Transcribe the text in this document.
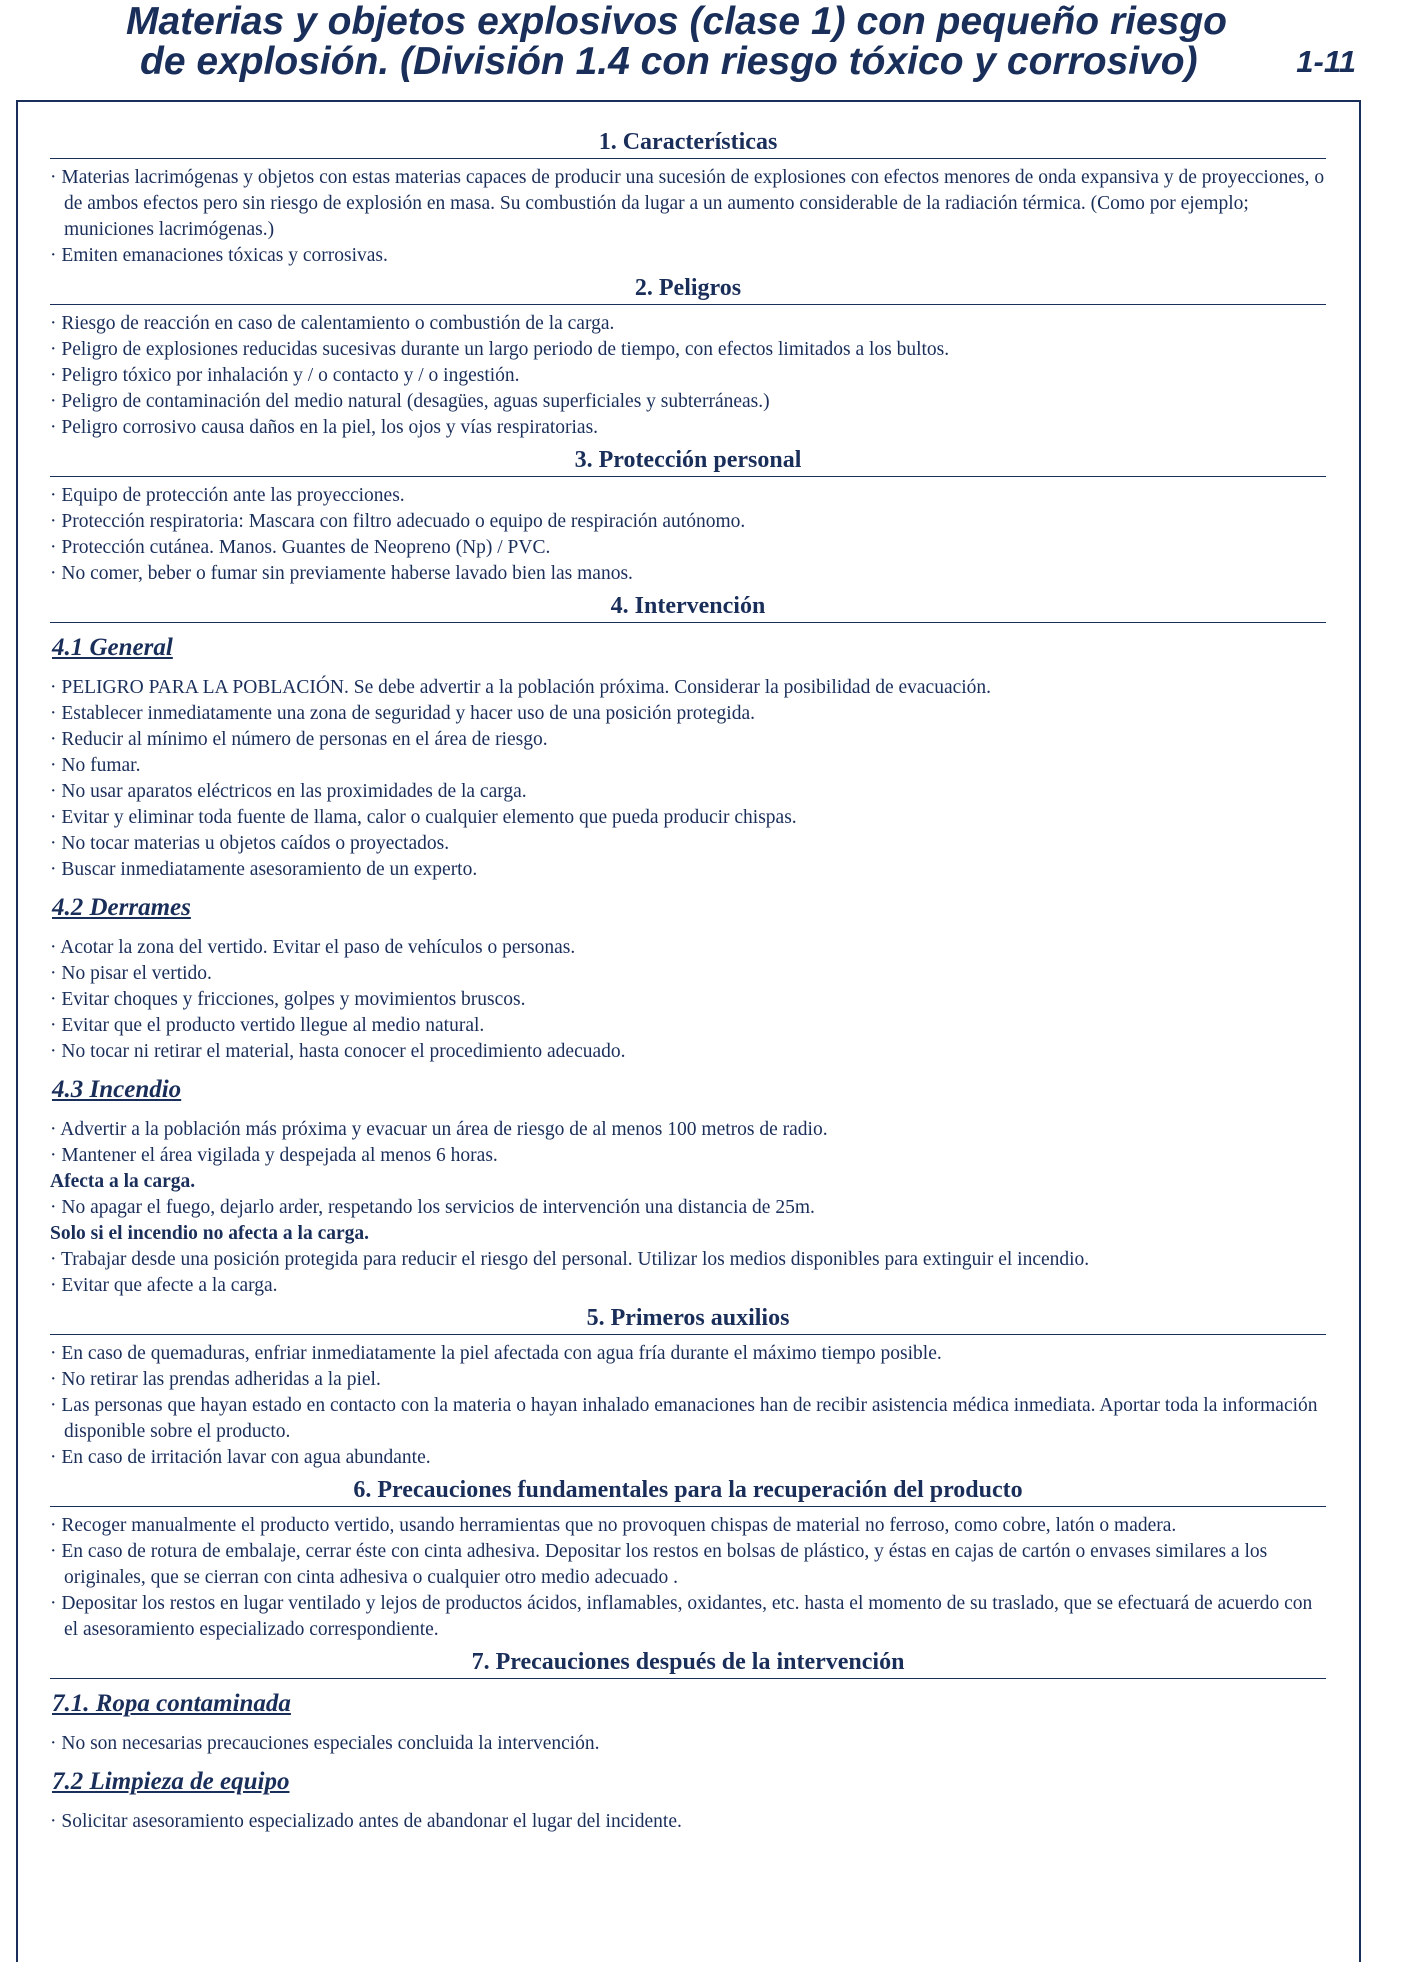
Materias y objetos explosivos (clase 1) con pequeño riesgo
de explosión. (División 1.4 con riesgo tóxico y corrosivo)	1-11
1. Características
· Materias lacrimógenas y objetos con estas materias capaces de producir una sucesión de explosiones con efectos menores de onda expansiva y de proyecciones, o de ambos efectos pero sin riesgo de explosión en masa. Su combustión da lugar a un aumento considerable de la radiación térmica. (Como por ejemplo; municiones lacrimógenas.)
· Emiten emanaciones tóxicas y corrosivas.
2. Peligros
· Riesgo de reacción en caso de calentamiento o combustión de la carga.
· Peligro de explosiones reducidas sucesivas durante un largo periodo de tiempo, con efectos limitados a los bultos.
· Peligro tóxico por inhalación y / o contacto y / o ingestión.
· Peligro de contaminación del medio natural (desagües, aguas superficiales y subterráneas.)
· Peligro corrosivo causa daños en la piel, los ojos y vías respiratorias.
3. Protección personal
· Equipo de protección ante las proyecciones.
· Protección respiratoria: Mascara con filtro adecuado o equipo de respiración autónomo.
· Protección cutánea. Manos. Guantes de Neopreno (Np) / PVC.
· No comer, beber o fumar sin previamente haberse lavado bien las manos.
4. Intervención
4.1 General
· PELIGRO PARA LA POBLACIÓN. Se debe advertir a la población próxima. Considerar la posibilidad de evacuación.
· Establecer inmediatamente una zona de seguridad y hacer uso de una posición protegida.
· Reducir al mínimo el número de personas en el área de riesgo.
· No fumar.
· No usar aparatos eléctricos en las proximidades de la carga.
· Evitar y eliminar toda fuente de llama, calor o cualquier elemento que pueda producir chispas.
· No tocar materias u objetos caídos o proyectados.
· Buscar inmediatamente asesoramiento de un experto.
4.2 Derrames
· Acotar la zona del vertido. Evitar el paso de vehículos o personas.
· No pisar el vertido.
· Evitar choques y fricciones, golpes y movimientos bruscos.
· Evitar que el producto vertido llegue al medio natural.
· No tocar ni retirar el material, hasta conocer el procedimiento adecuado.
4.3 Incendio
· Advertir a la población más próxima y evacuar un área de riesgo de al menos 100 metros de radio.
· Mantener el área vigilada y despejada al menos 6 horas.
Afecta a la carga.
· No apagar el fuego, dejarlo arder, respetando los servicios de intervención una distancia de 25m.
Solo si el incendio no afecta a la carga.
· Trabajar desde una posición protegida para reducir el riesgo del personal. Utilizar los medios disponibles para extinguir el incendio.
· Evitar que afecte a la carga.
5. Primeros auxilios
· En caso de quemaduras, enfriar inmediatamente la piel afectada con agua fría durante el máximo tiempo posible.
· No retirar las prendas adheridas a la piel.
· Las personas que hayan estado en contacto con la materia o hayan inhalado emanaciones han de recibir asistencia médica inmediata. Aportar toda la información disponible sobre el producto.
· En caso de irritación lavar con agua abundante.
6. Precauciones fundamentales para la recuperación del producto
· Recoger manualmente el producto vertido, usando herramientas que no provoquen chispas de material no ferroso, como cobre, latón o madera.
· En caso de rotura de embalaje, cerrar éste con cinta adhesiva. Depositar los restos en bolsas de plástico, y éstas en cajas de cartón o envases similares a los originales, que se cierran con cinta adhesiva o cualquier otro medio adecuado .
· Depositar los restos en lugar ventilado y lejos de productos ácidos, inflamables, oxidantes, etc. hasta el momento de su traslado, que se efectuará de acuerdo con el asesoramiento especializado correspondiente.
7. Precauciones después de la intervención
7.1. Ropa contaminada
· No son necesarias precauciones especiales concluida la intervención.
7.2 Limpieza de equipo
· Solicitar asesoramiento especializado antes de abandonar el lugar del incidente.
